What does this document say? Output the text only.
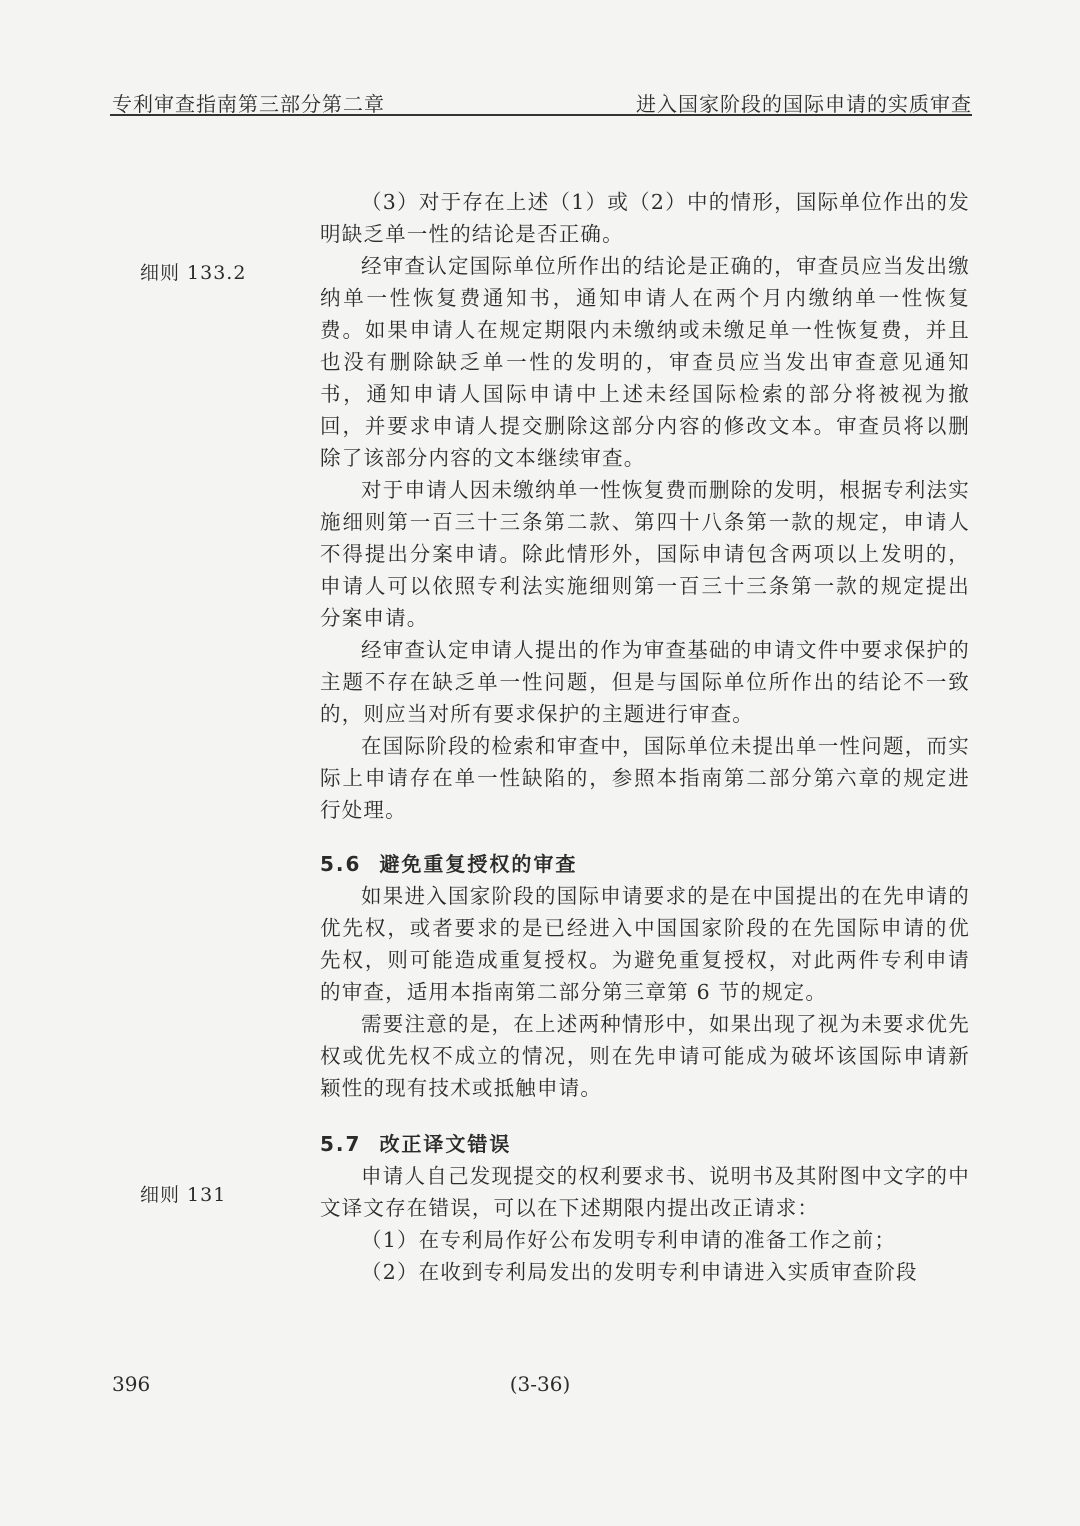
专利审查指南第三部分第二章	进入国家阶段的国际申请的实质审查
细则 133.2
细则 131

（3）对于存在上述（1）或（2）中的情形，国际单位作出的发明缺乏单一性的结论是否正确。

经审查认定国际单位所作出的结论是正确的，审查员应当发出缴纳单一性恢复费通知书，通知申请人在两个月内缴纳单一性恢复费。如果申请人在规定期限内未缴纳或未缴足单一性恢复费，并且也没有删除缺乏单一性的发明的，审查员应当发出审查意见通知书，通知申请人国际申请中上述未经国际检索的部分将被视为撤回，并要求申请人提交删除这部分内容的修改文本。审查员将以删除了该部分内容的文本继续审查。

对于申请人因未缴纳单一性恢复费而删除的发明，根据专利法实施细则第一百三十三条第二款、第四十八条第一款的规定，申请人不得提出分案申请。除此情形外，国际申请包含两项以上发明的，申请人可以依照专利法实施细则第一百三十三条第一款的规定提出分案申请。

经审查认定申请人提出的作为审查基础的申请文件中要求保护的主题不存在缺乏单一性问题，但是与国际单位所作出的结论不一致的，则应当对所有要求保护的主题进行审查。

在国际阶段的检索和审查中，国际单位未提出单一性问题，而实际上申请存在单一性缺陷的，参照本指南第二部分第六章的规定进行处理。

5.6 避免重复授权的审查

如果进入国家阶段的国际申请要求的是在中国提出的在先申请的优先权，或者要求的是已经进入中国国家阶段的在先国际申请的优先权，则可能造成重复授权。为避免重复授权，对此两件专利申请的审查，适用本指南第二部分第三章第 6 节的规定。

需要注意的是，在上述两种情形中，如果出现了视为未要求优先权或优先权不成立的情况，则在先申请可能成为破坏该国际申请新颖性的现有技术或抵触申请。

5.7 改正译文错误

申请人自己发现提交的权利要求书、说明书及其附图中文字的中文译文存在错误，可以在下述期限内提出改正请求：

（1）在专利局作好公布发明专利申请的准备工作之前；

（2）在收到专利局发出的发明专利申请进入实质审查阶段

396	(3-36)
